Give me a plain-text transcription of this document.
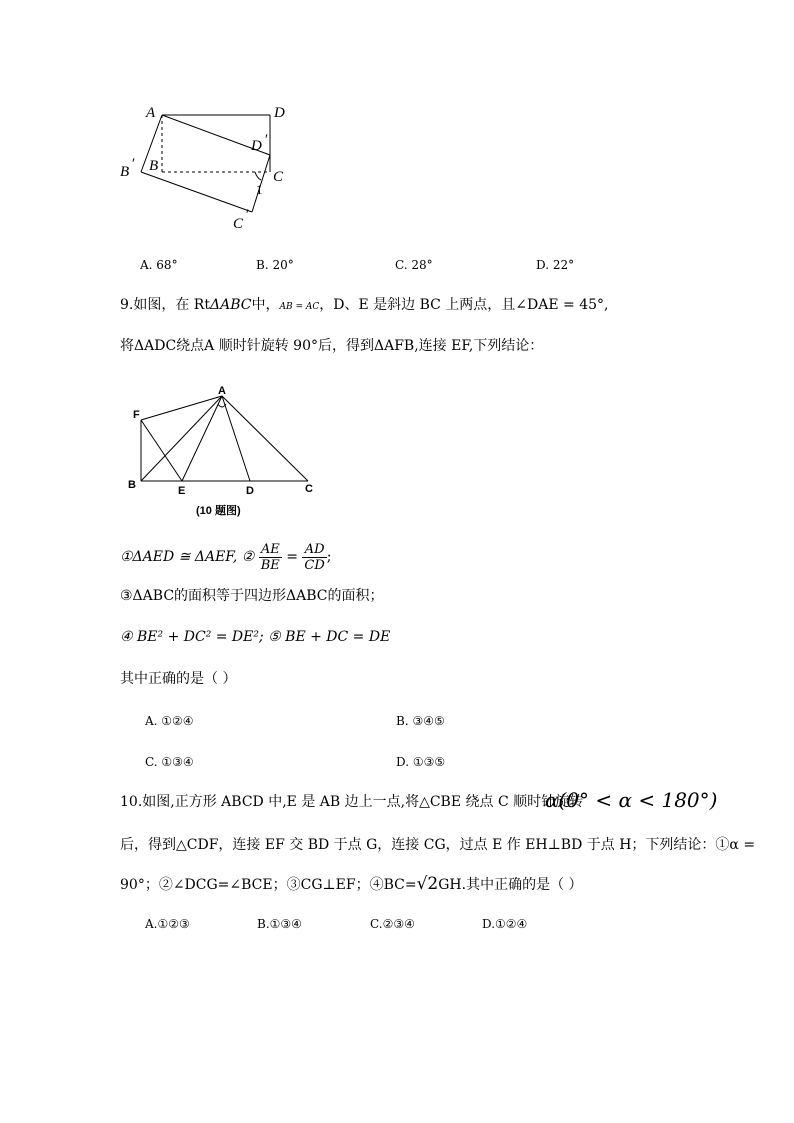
A	D
D ′
B ′ B
C
C
′
1
A. 68°	B. 20°	C. 28°	D. 22°
9.如图，在 RtΔABC中，AB = AC，D、E 是斜边 BC 上两点，且∠DAE = 45°,
将ΔADC绕点A 顺时针旋转 90°后，得到ΔAFB,连接 EF,下列结论：
A
F
B	E	D	C
(10 题图)
①ΔAED ≅ ΔAEF, ② $\frac{AE}{BE} = \frac{AD}{CD}$ ;
③ΔABC的面积等于四边形ΔABC的面积；
④ BE² + DC² = DE²; ⑤ BE + DC = DE
其中正确的是（ ）
A. ①②④	B. ③④⑤
C. ①③④	D. ①③⑤
10.如图,正方形 ABCD 中,E 是 AB 边上一点,将△CBE 绕点 C 顺时针旋转
α(0° < α < 180°)
后，得到△CDF，连接 EF 交 BD 于点 G，连接 CG，过点 E 作 EH⊥BD 于点 H；下列结论：①α =
90°；②∠DCG=∠BCE；③CG⊥EF；④BC=√2GH.其中正确的是（ ）
A.①②③	B.①③④	C.②③④	D.①②④
